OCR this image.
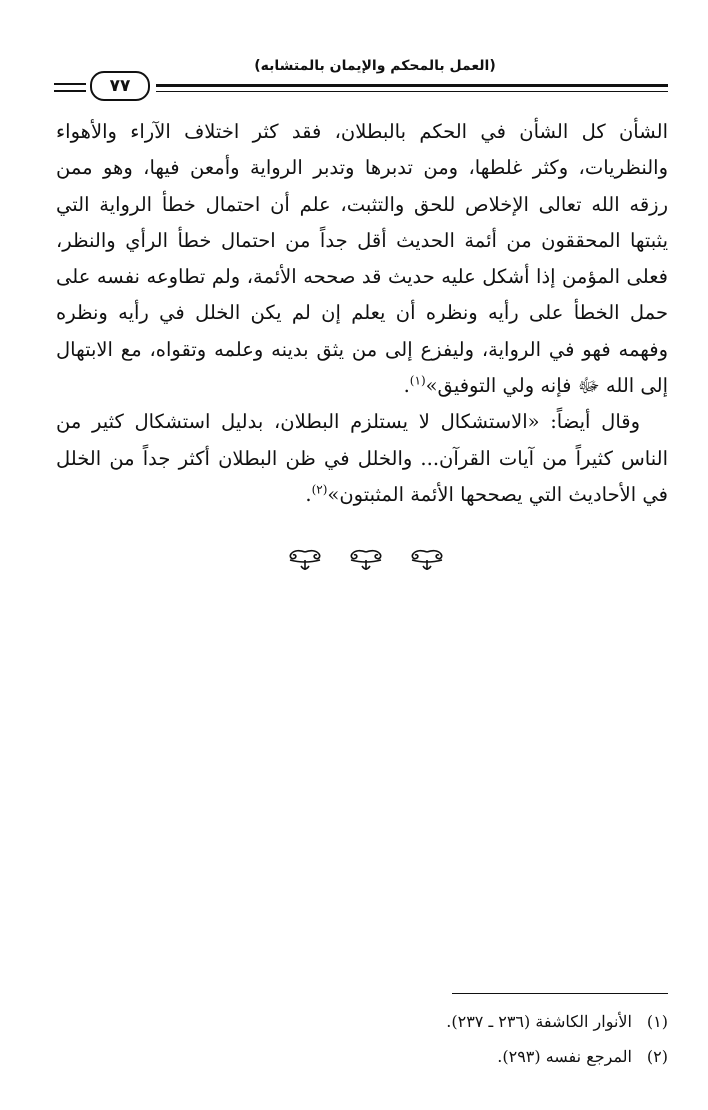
(العمل بالمحكم والإيمان بالمتشابه)
٧٧

الشأن كل الشأن في الحكم بالبطلان، فقد كثر اختلاف الآراء والأهواء والنظريات، وكثر غلطها، ومن تدبرها وتدبر الرواية وأمعن فيها، وهو ممن رزقه الله تعالى الإخلاص للحق والتثبت، علم أن احتمال خطأ الرواية التي يثبتها المحققون من أئمة الحديث أقل جداً من احتمال خطأ الرأي والنظر، فعلى المؤمن إذا أشكل عليه حديث قد صححه الأئمة، ولم تطاوعه نفسه على حمل الخطأ على رأيه ونظره أن يعلم إن لم يكن الخلل في رأيه ونظره وفهمه فهو في الرواية، وليفزع إلى من يثق بدينه وعلمه وتقواه، مع الابتهال إلى الله ﷻ فإنه ولي التوفيق»$^{(١)}$.

وقال أيضاً: «الاستشكال لا يستلزم البطلان، بدليل استشكال كثير من الناس كثيراً من آيات القرآن... والخلل في ظن البطلان أكثر جداً من الخلل في الأحاديث التي يصححها الأئمة المثبتون»$^{(٢)}$.

(١)الأنوار الكاشفة (٢٣٦ ـ ٢٣٧).
(٢)المرجع نفسه (٢٩٣).
